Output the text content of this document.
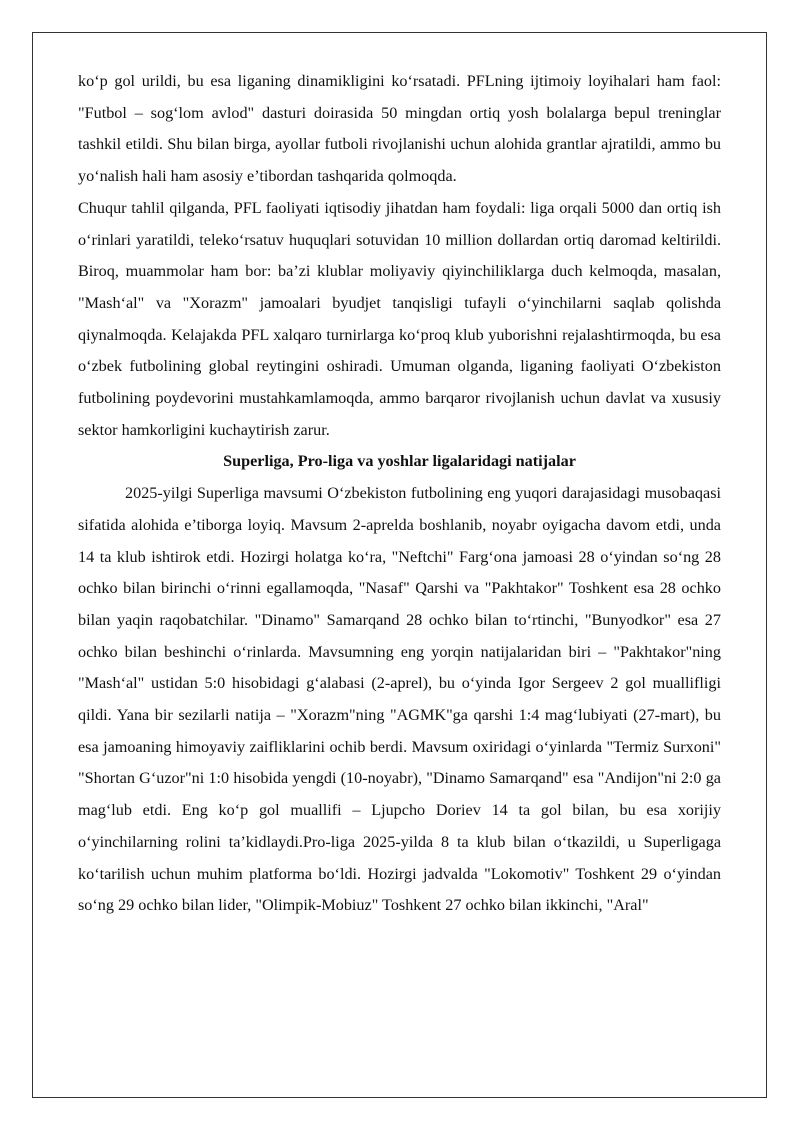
ko‘p gol urildi, bu esa liganing dinamikligini ko‘rsatadi. PFLning ijtimoiy loyihalari ham faol: "Futbol – sog‘lom avlod" dasturi doirasida 50 mingdan ortiq yosh bolalarga bepul treninglar tashkil etildi. Shu bilan birga, ayollar futboli rivojlanishi uchun alohida grantlar ajratildi, ammo bu yo‘nalish hali ham asosiy e’tibordan tashqarida qolmoqda.

Chuqur tahlil qilganda, PFL faoliyati iqtisodiy jihatdan ham foydali: liga orqali 5000 dan ortiq ish o‘rinlari yaratildi, teleko‘rsatuv huquqlari sotuvidan 10 million dollardan ortiq daromad keltirildi. Biroq, muammolar ham bor: ba’zi klublar moliyaviy qiyinchiliklarga duch kelmoqda, masalan, "Mash‘al" va "Xorazm" jamoalari byudjet tanqisligi tufayli o‘yinchilarni saqlab qolishda qiynalmoqda. Kelajakda PFL xalqaro turnirlarga ko‘proq klub yuborishni rejalashtirmoqda, bu esa o‘zbek futbolining global reytingini oshiradi. Umuman olganda, liganing faoliyati O‘zbekiston futbolining poydevorini mustahkamlamoqda, ammo barqaror rivojlanish uchun davlat va xususiy sektor hamkorligini kuchaytirish zarur.

Superliga, Pro-liga va yoshlar ligalaridagi natijalar

2025-yilgi Superliga mavsumi O‘zbekiston futbolining eng yuqori darajasidagi musobaqasi sifatida alohida e’tiborga loyiq. Mavsum 2-aprelda boshlanib, noyabr oyigacha davom etdi, unda 14 ta klub ishtirok etdi. Hozirgi holatga ko‘ra, "Neftchi" Farg‘ona jamoasi 28 o‘yindan so‘ng 28 ochko bilan birinchi o‘rinni egallamoqda, "Nasaf" Qarshi va "Pakhtakor" Toshkent esa 28 ochko bilan yaqin raqobatchilar. "Dinamo" Samarqand 28 ochko bilan to‘rtinchi, "Bunyodkor" esa 27 ochko bilan beshinchi o‘rinlarda. Mavsumning eng yorqin natijalaridan biri – "Pakhtakor"ning "Mash‘al" ustidan 5:0 hisobidagi g‘alabasi (2-aprel), bu o‘yinda Igor Sergeev 2 gol muallifligi qildi. Yana bir sezilarli natija – "Xorazm"ning "AGMK"ga qarshi 1:4 mag‘lubiyati (27-mart), bu esa jamoaning himoyaviy zaifliklarini ochib berdi. Mavsum oxiridagi o‘yinlarda "Termiz Surxoni" "Shortan G‘uzor"ni 1:0 hisobida yengdi (10-noyabr), "Dinamo Samarqand" esa "Andijon"ni 2:0 ga mag‘lub etdi. Eng ko‘p gol muallifi – Ljupcho Doriev 14 ta gol bilan, bu esa xorijiy o‘yinchilarning rolini ta’kidlaydi.Pro-liga 2025-yilda 8 ta klub bilan o‘tkazildi, u Superligaga ko‘tarilish uchun muhim platforma bo‘ldi. Hozirgi jadvalda "Lokomotiv" Toshkent 29 o‘yindan so‘ng 29 ochko bilan lider, "Olimpik-Mobiuz" Toshkent 27 ochko bilan ikkinchi, "Aral"
